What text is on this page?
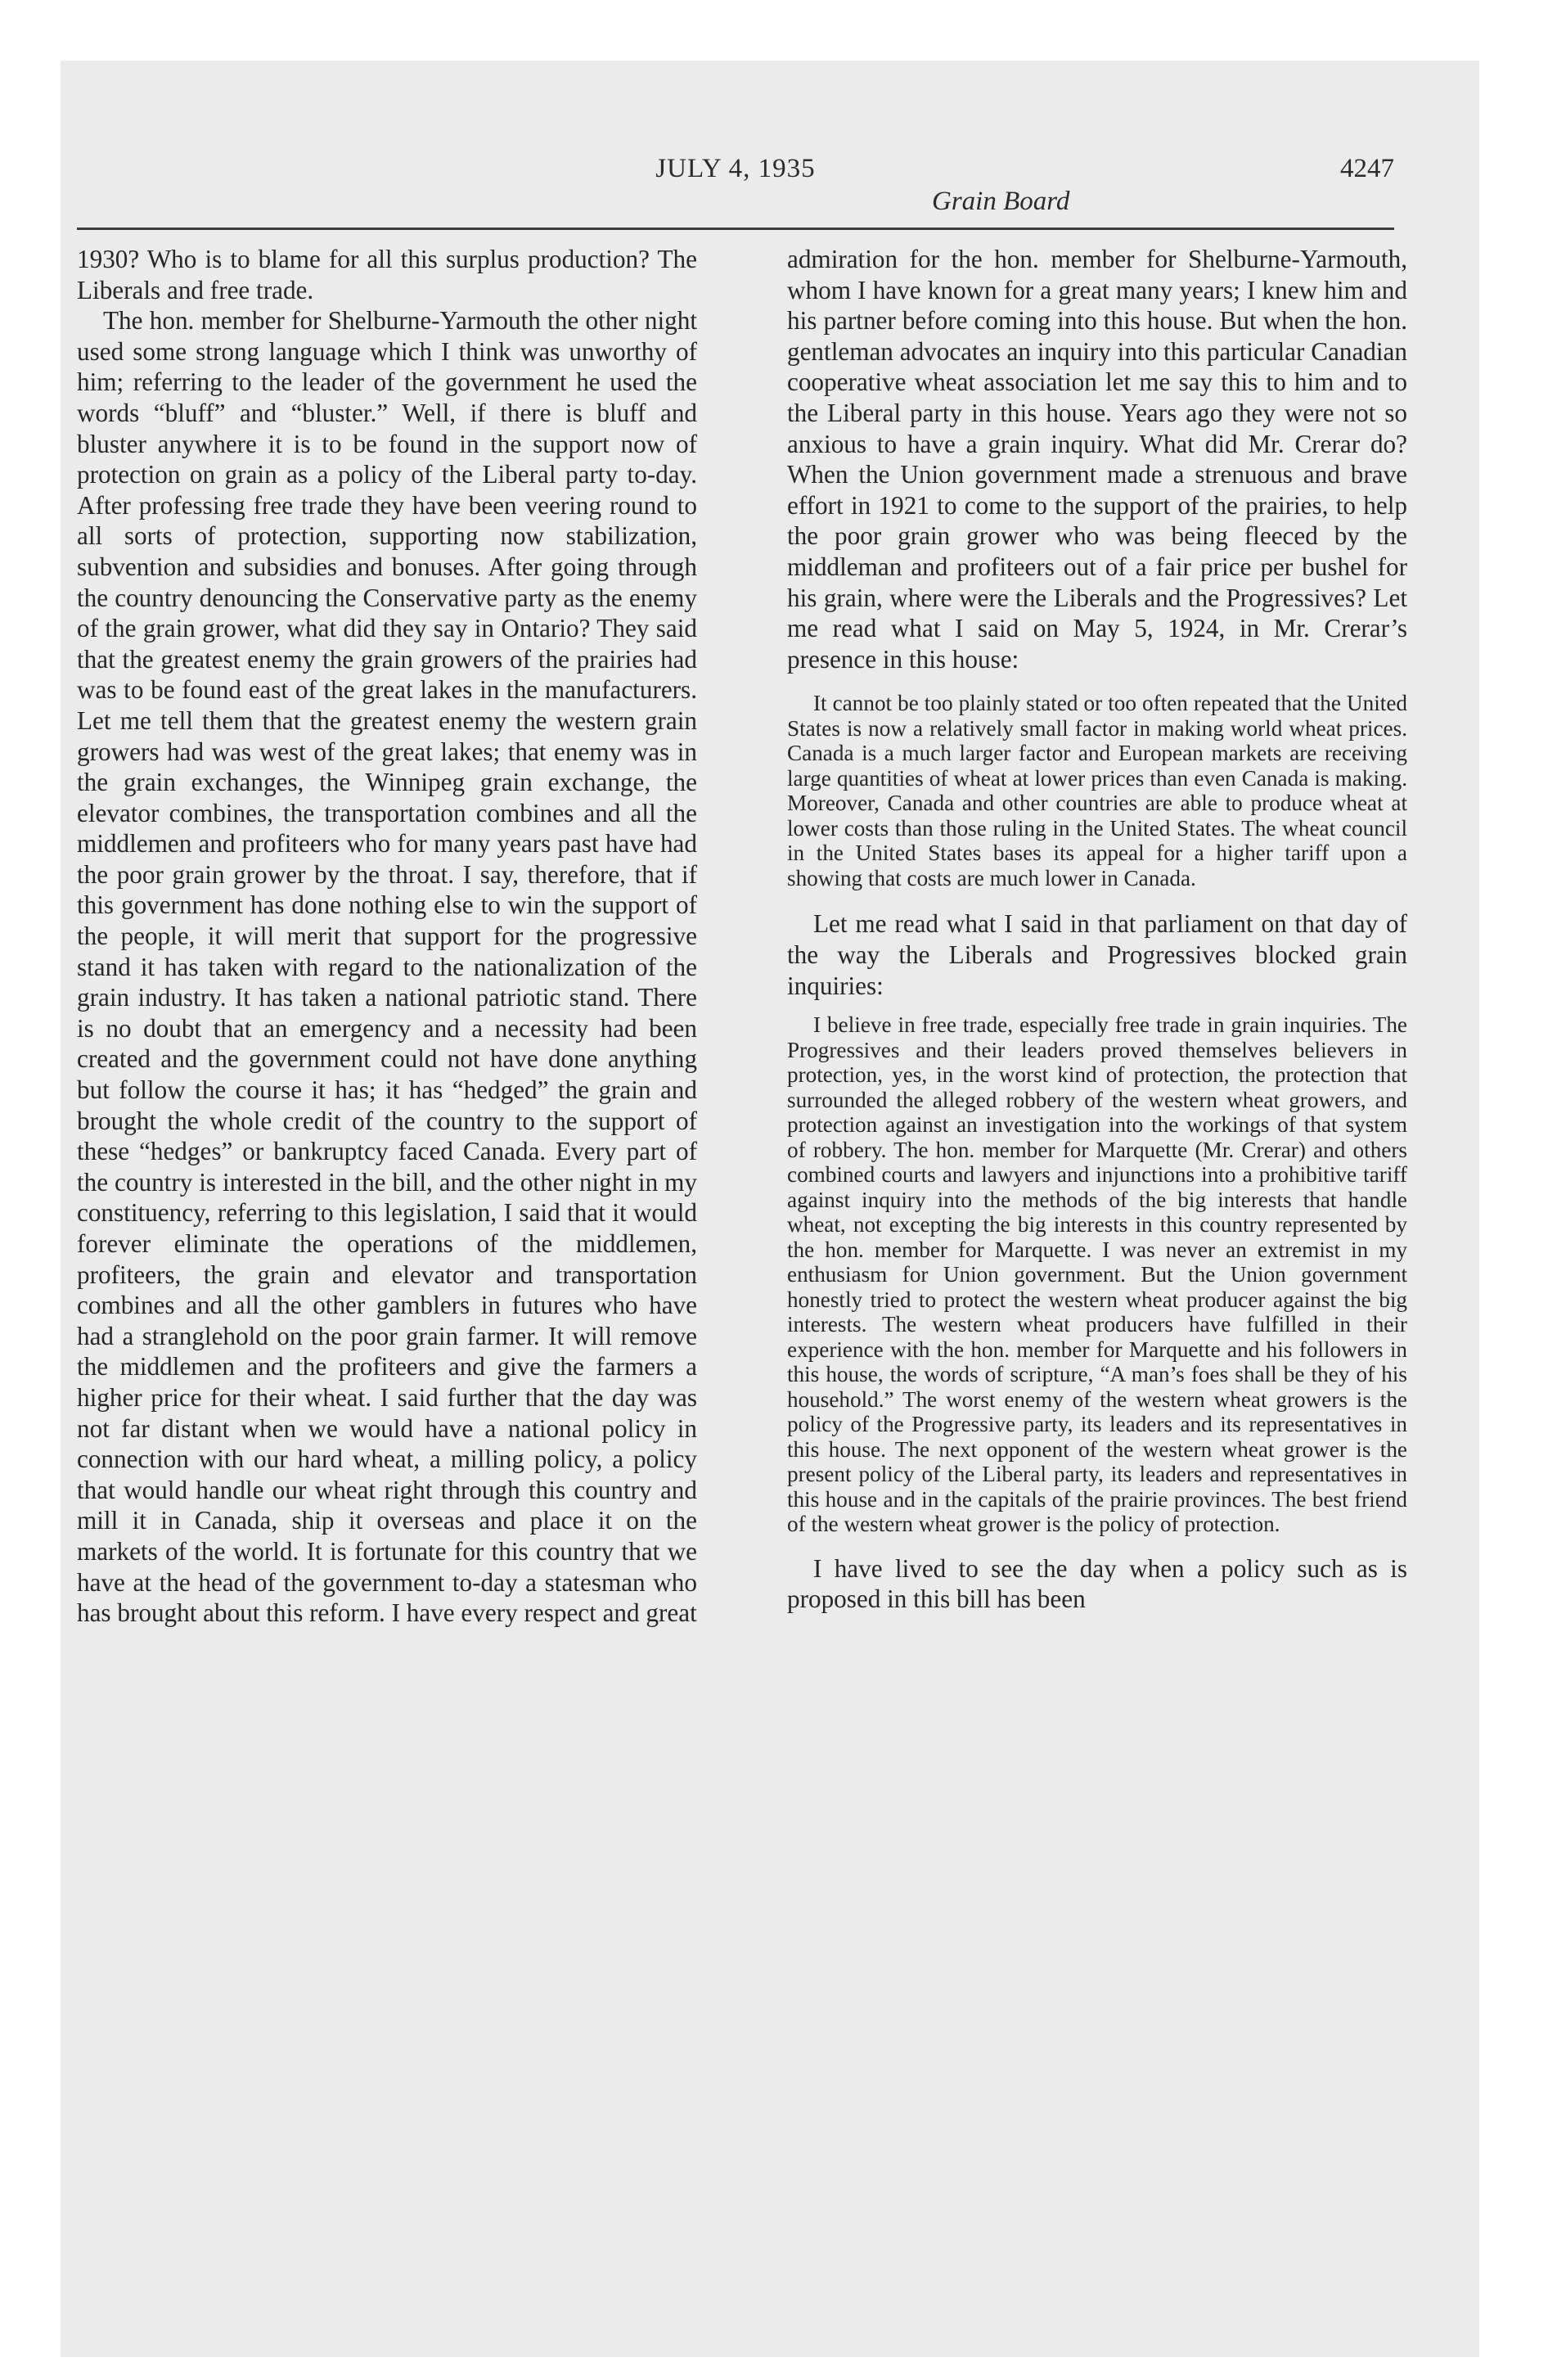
JULY 4, 1935	4247
Grain Board

1930? Who is to blame for all this surplus production? The Liberals and free trade.

The hon. member for Shelburne-Yarmouth the other night used some strong language which I think was unworthy of him; referring to the leader of the government he used the words “bluff” and “bluster.” Well, if there is bluff and bluster anywhere it is to be found in the support now of protection on grain as a policy of the Liberal party to-day. After professing free trade they have been veering round to all sorts of protection, supporting now stabilization, subvention and subsidies and bonuses. After going through the country denouncing the Conservative party as the enemy of the grain grower, what did they say in Ontario? They said that the greatest enemy the grain growers of the prairies had was to be found east of the great lakes in the manufacturers. Let me tell them that the greatest enemy the western grain growers had was west of the great lakes; that enemy was in the grain exchanges, the Winnipeg grain exchange, the elevator combines, the transportation combines and all the middlemen and profiteers who for many years past have had the poor grain grower by the throat. I say, therefore, that if this government has done nothing else to win the support of the people, it will merit that support for the progressive stand it has taken with regard to the nationalization of the grain industry. It has taken a national patriotic stand. There is no doubt that an emergency and a necessity had been created and the government could not have done anything but follow the course it has; it has “hedged” the grain and brought the whole credit of the country to the support of these “hedges” or bankruptcy faced Canada. Every part of the country is interested in the bill, and the other night in my constituency, referring to this legislation, I said that it would forever eliminate the operations of the middlemen, profiteers, the grain and elevator and transportation combines and all the other gamblers in futures who have had a stranglehold on the poor grain farmer. It will remove the middlemen and the profiteers and give the farmers a higher price for their wheat. I said further that the day was not far distant when we would have a national policy in connection with our hard wheat, a milling policy, a policy that would handle our wheat right through this country and mill it in Canada, ship it overseas and place it on the markets of the world. It is fortunate for this country that we have at the head of the government to-day a statesman who has brought about this reform. I have every respect and great

admiration for the hon. member for Shelburne-Yarmouth, whom I have known for a great many years; I knew him and his partner before coming into this house. But when the hon. gentleman advocates an inquiry into this particular Canadian cooperative wheat association let me say this to him and to the Liberal party in this house. Years ago they were not so anxious to have a grain inquiry. What did Mr. Crerar do? When the Union government made a strenuous and brave effort in 1921 to come to the support of the prairies, to help the poor grain grower who was being fleeced by the middleman and profiteers out of a fair price per bushel for his grain, where were the Liberals and the Progressives? Let me read what I said on May 5, 1924, in Mr. Crerar’s presence in this house:

It cannot be too plainly stated or too often repeated that the United States is now a relatively small factor in making world wheat prices. Canada is a much larger factor and European markets are receiving large quantities of wheat at lower prices than even Canada is making. Moreover, Canada and other countries are able to produce wheat at lower costs than those ruling in the United States. The wheat council in the United States bases its appeal for a higher tariff upon a showing that costs are much lower in Canada.

Let me read what I said in that parliament on that day of the way the Liberals and Progressives blocked grain inquiries:

I believe in free trade, especially free trade in grain inquiries. The Progressives and their leaders proved themselves believers in protection, yes, in the worst kind of protection, the protection that surrounded the alleged robbery of the western wheat growers, and protection against an investigation into the workings of that system of robbery. The hon. member for Marquette (Mr. Crerar) and others combined courts and lawyers and injunctions into a prohibitive tariff against inquiry into the methods of the big interests that handle wheat, not excepting the big interests in this country represented by the hon. member for Marquette. I was never an extremist in my enthusiasm for Union government. But the Union government honestly tried to protect the western wheat producer against the big interests. The western wheat producers have fulfilled in their experience with the hon. member for Marquette and his followers in this house, the words of scripture, “A man’s foes shall be they of his household.” The worst enemy of the western wheat growers is the policy of the Progressive party, its leaders and its representatives in this house. The next opponent of the western wheat grower is the present policy of the Liberal party, its leaders and representatives in this house and in the capitals of the prairie provinces. The best friend of the western wheat grower is the policy of protection.

I have lived to see the day when a policy such as is proposed in this bill has been
